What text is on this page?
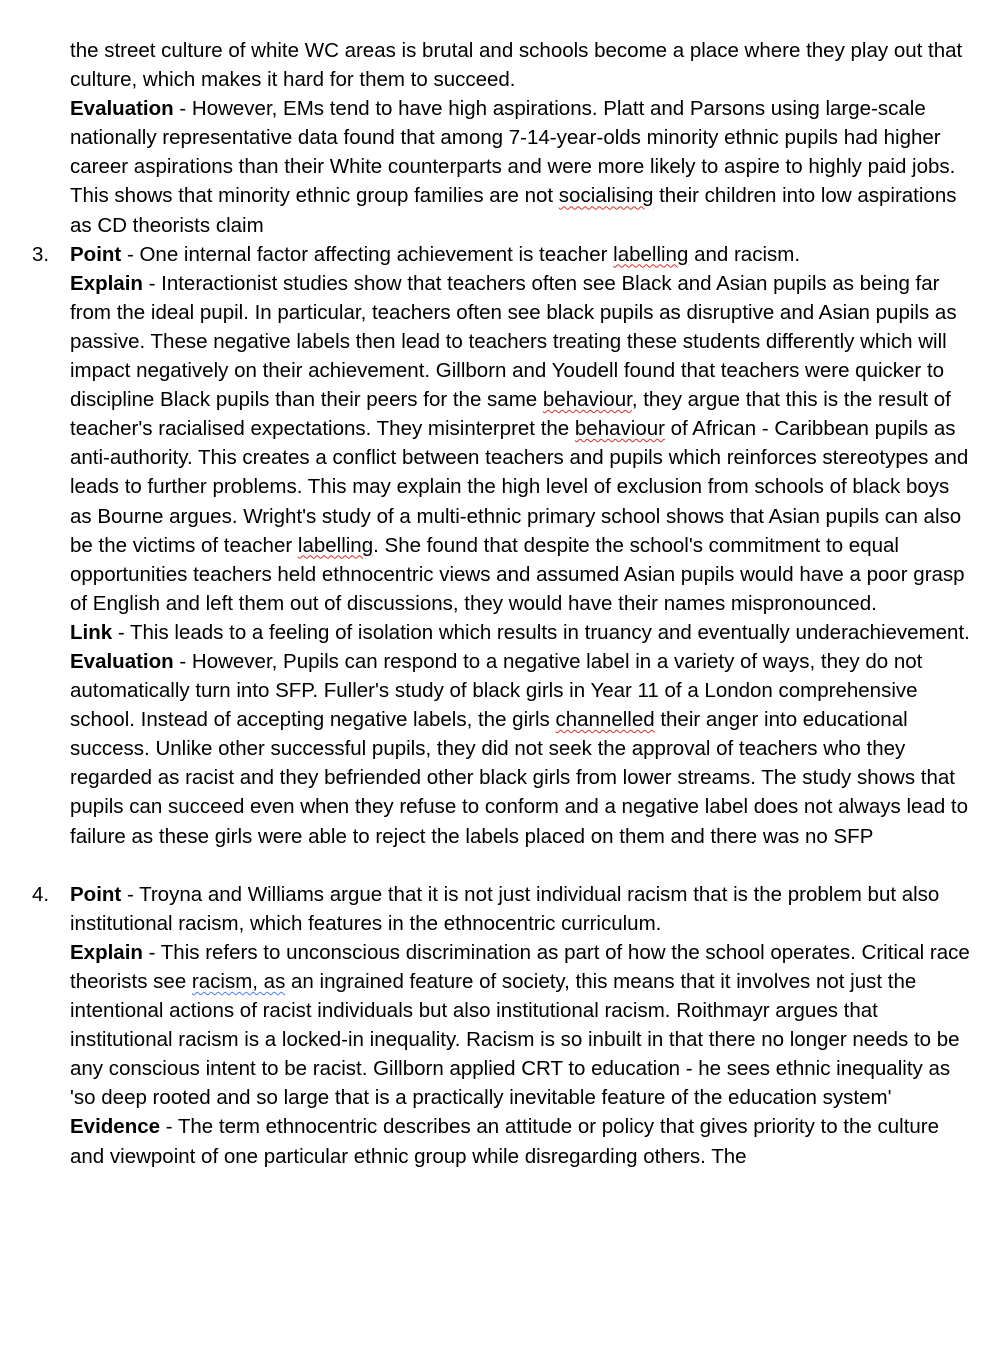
the street culture of white WC areas is brutal and schools become a place where they play out that culture, which makes it hard for them to succeed.

Evaluation - However, EMs tend to have high aspirations. Platt and Parsons using large-scale nationally representative data found that among 7-14-year-olds minority ethnic pupils had higher career aspirations than their White counterparts and were more likely to aspire to highly paid jobs. This shows that minority ethnic group families are not socialising their children into low aspirations as CD theorists claim

3. Point - One internal factor affecting achievement is teacher labelling and racism.

Explain - Interactionist studies show that teachers often see Black and Asian pupils as being far from the ideal pupil. In particular, teachers often see black pupils as disruptive and Asian pupils as passive. These negative labels then lead to teachers treating these students differently which will impact negatively on their achievement. Gillborn and Youdell found that teachers were quicker to discipline Black pupils than their peers for the same behaviour, they argue that this is the result of teacher's racialised expectations. They misinterpret the behaviour of African - Caribbean pupils as anti-authority. This creates a conflict between teachers and pupils which reinforces stereotypes and leads to further problems. This may explain the high level of exclusion from schools of black boys as Bourne argues. Wright's study of a multi-ethnic primary school shows that Asian pupils can also be the victims of teacher labelling. She found that despite the school's commitment to equal opportunities teachers held ethnocentric views and assumed Asian pupils would have a poor grasp of English and left them out of discussions, they would have their names mispronounced.

Link - This leads to a feeling of isolation which results in truancy and eventually underachievement.

Evaluation - However, Pupils can respond to a negative label in a variety of ways, they do not automatically turn into SFP. Fuller's study of black girls in Year 11 of a London comprehensive school. Instead of accepting negative labels, the girls channelled their anger into educational success. Unlike other successful pupils, they did not seek the approval of teachers who they regarded as racist and they befriended other black girls from lower streams. The study shows that pupils can succeed even when they refuse to conform and a negative label does not always lead to failure as these girls were able to reject the labels placed on them and there was no SFP

4. Point - Troyna and Williams argue that it is not just individual racism that is the problem but also institutional racism, which features in the ethnocentric curriculum.

Explain - This refers to unconscious discrimination as part of how the school operates. Critical race theorists see racism, as an ingrained feature of society, this means that it involves not just the intentional actions of racist individuals but also institutional racism. Roithmayr argues that institutional racism is a locked-in inequality. Racism is so inbuilt in that there no longer needs to be any conscious intent to be racist. Gillborn applied CRT to education - he sees ethnic inequality as 'so deep rooted and so large that is a practically inevitable feature of the education system'

Evidence - The term ethnocentric describes an attitude or policy that gives priority to the culture and viewpoint of one particular ethnic group while disregarding others. The
